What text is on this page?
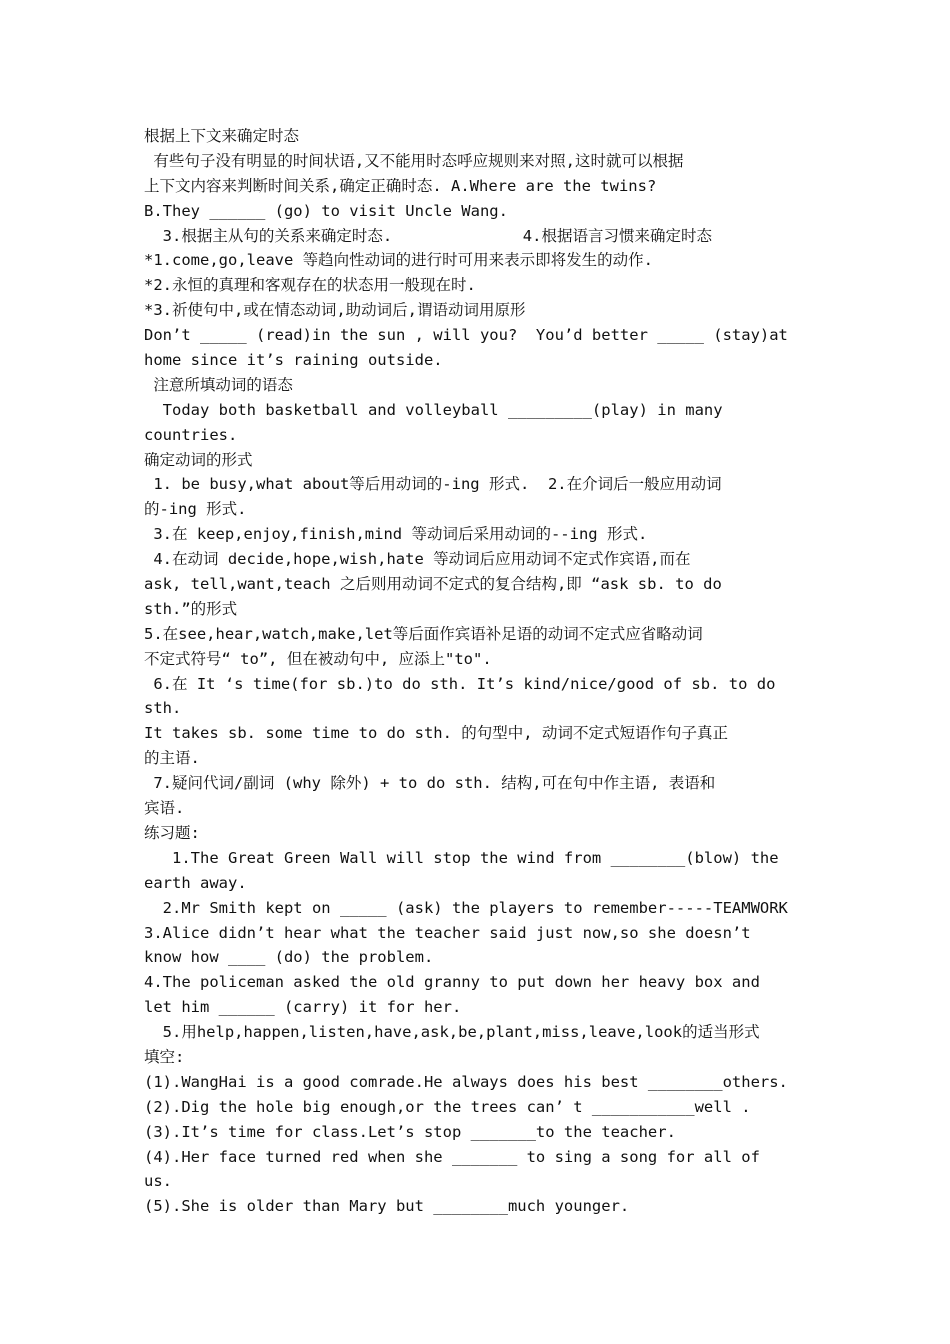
根据上下文来确定时态
有些句子没有明显的时间状语,又不能用时态呼应规则来对照,这时就可以根据
上下文内容来判断时间关系,确定正确时态. A.Where are the twins?
B.They ______ (go) to visit Uncle Wang.
3.根据主从句的关系来确定时态.              4.根据语言习惯来确定时态
*1.come,go,leave 等趋向性动词的进行时可用来表示即将发生的动作.
*2.永恒的真理和客观存在的状态用一般现在时.
*3.祈使句中,或在情态动词,助动词后,谓语动词用原形
Don’t _____ (read)in the sun , will you?  You’d better _____ (stay)at
home since it’s raining outside.
注意所填动词的语态
Today both basketball and volleyball _________(play) in many
countries.
确定动词的形式
1. be busy,what about等后用动词的-ing 形式.  2.在介词后一般应用动词
的-ing 形式.
3.在 keep,enjoy,finish,mind 等动词后采用动词的--ing 形式.
4.在动词 decide,hope,wish,hate 等动词后应用动词不定式作宾语,而在
ask, tell,want,teach 之后则用动词不定式的复合结构,即 “ask sb. to do
sth.”的形式
5.在see,hear,watch,make,let等后面作宾语补足语的动词不定式应省略动词
不定式符号“ to”, 但在被动句中, 应添上"to".
6.在 It ‘s time(for sb.)to do sth. It’s kind/nice/good of sb. to do
sth.
It takes sb. some time to do sth. 的句型中, 动词不定式短语作句子真正
的主语.
7.疑问代词/副词 (why 除外) + to do sth. 结构,可在句中作主语, 表语和
宾语.
练习题:
1.The Great Green Wall will stop the wind from ________(blow) the
earth away.
2.Mr Smith kept on _____ (ask) the players to remember-----TEAMWORK
3.Alice didn’t hear what the teacher said just now,so she doesn’t
know how ____ (do) the problem.
4.The policeman asked the old granny to put down her heavy box and
let him ______ (carry) it for her.
5.用help,happen,listen,have,ask,be,plant,miss,leave,look的适当形式
填空:
(1).WangHai is a good comrade.He always does his best ________others.
(2).Dig the hole big enough,or the trees can’ t ___________well .
(3).It’s time for class.Let’s stop _______to the teacher.
(4).Her face turned red when she _______ to sing a song for all of
us.
(5).She is older than Mary but ________much younger.
